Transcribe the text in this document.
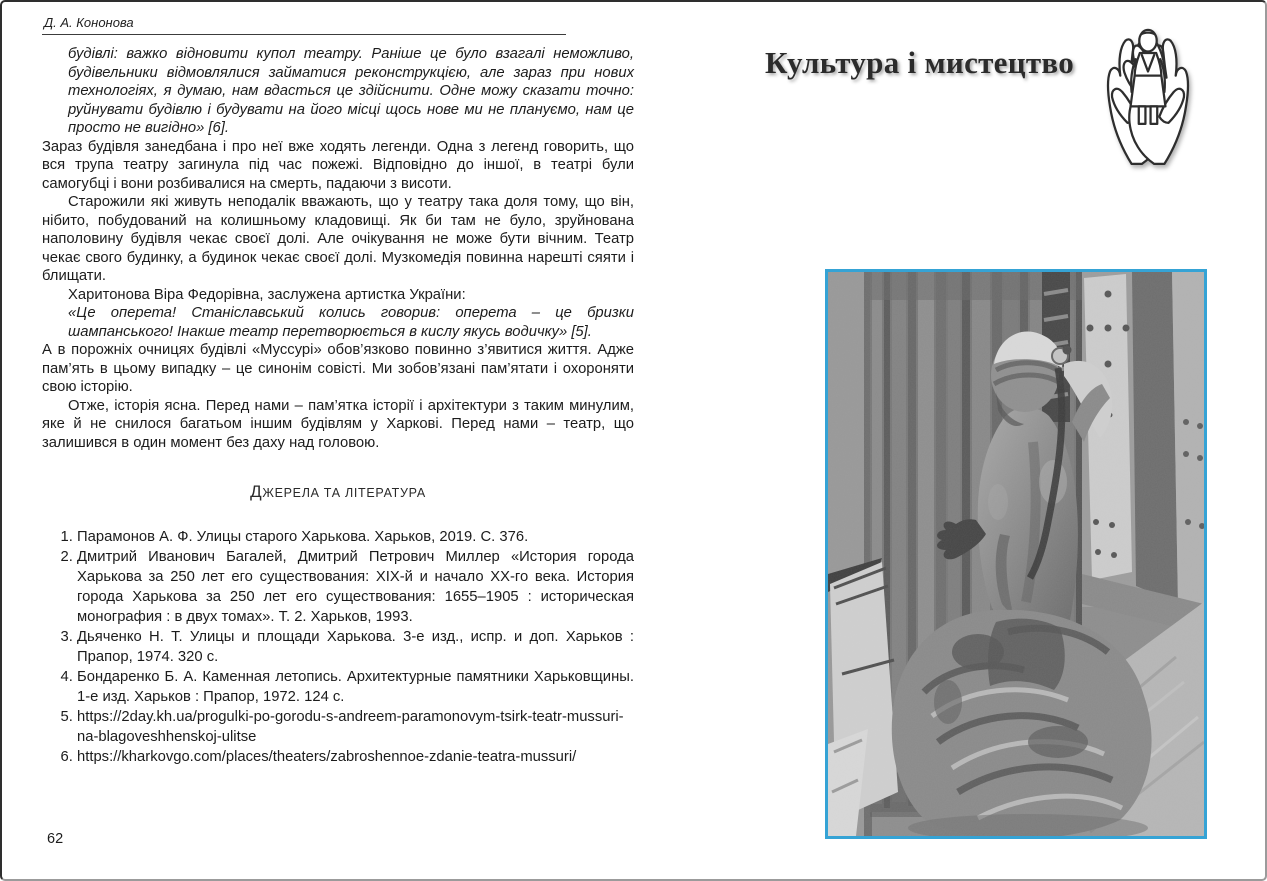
Д. А. Кононова

будівлі: важко відновити купол театру. Раніше це було взагалі неможливо, будівельники відмовлялися займатися реконструкцією, але зараз при нових технологіях, я думаю, нам вдасться це здійснити. Одне можу сказати точно: руйнувати будівлю і будувати на його місці щось нове ми не плануємо, нам це просто не вигідно» [6].

Зараз будівля занедбана і про неї вже ходять легенди. Одна з легенд говорить, що вся трупа театру загинула під час пожежі. Відповідно до іншої, в театрі були самогубці і вони розбивалися на смерть, падаючи з висоти.

Старожили які живуть неподалік вважають, що у театру така доля тому, що він, нібито, побудований на колишньому кладовищі. Як би там не було, зруйнована наполовину будівля чекає своєї долі. Але очікування не може бути вічним. Театр чекає свого будинку, а будинок чекає своєї долі. Музкомедія повинна нарешті сяяти і блищати.

Харитонова Віра Федорівна, заслужена артистка України:

«Це оперета! Станіславський колись говорив: оперета – це бризки шампанського! Інакше театр перетворюється в кислу якусь водичку» [5].

А в порожніх очницях будівлі «Муссурі» обов’язково повинно з’явитися життя. Адже пам’ять в цьому випадку – це синонім совісті. Ми зобов’язані пам’ятати і охороняти свою історію.

Отже, історія ясна. Перед нами – пам’ятка історії і архітектури з таким минулим, яке й не снилося багатьом іншим будівлям у Харкові. Перед нами – театр, що залишився в один момент без даху над головою.

ДЖЕРЕЛА ТА ЛІТЕРАТУРА
1. Парамонов А. Ф. Улицы старого Харькова. Харьков, 2019. С. 376.
2. Дмитрий Иванович Багалей, Дмитрий Петрович Миллер «История города Харькова за 250 лет его существования: XIX-й и начало XX-го века. История города Харькова за 250 лет его существования: 1655–1905 : историческая монография : в двух томах». Т. 2. Харьков, 1993.
3. Дьяченко Н. Т. Улицы и площади Харькова. 3-е изд., испр. и доп. Харьков : Прапор, 1974. 320 с.
4. Бондаренко Б. А. Каменная летопись. Архитектурные памятники Харьковщины. 1-е изд. Харьков : Прапор, 1972. 124 с.
5. https://2day.kh.ua/progulki-po-gorodu-s-andreem-paramonovym-tsirk-teatr-mussuri-na-blagoveshhenskoj-ulitse
6. https://kharkovgo.com/places/theaters/zabroshennoe-zdanie-teatra-mussuri/
62
Культура і мистецтво
